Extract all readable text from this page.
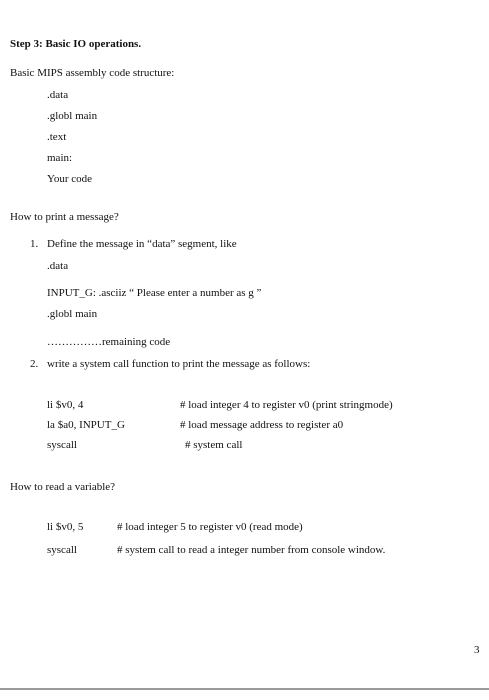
Step 3: Basic IO operations.
Basic MIPS assembly code structure:
.data
.globl main
.text
main:
Your code
How to print a message?
1. Define the message in “data” segment, like
.data
INPUT_G: .asciiz “ Please enter a number as g ”
.globl main
……………remaining code
2. write a system call function to print the message as follows:
li $v0, 4	# load integer 4 to register v0 (print stringmode)
la $a0, INPUT_G	# load message address to register a0
syscall	# system call
How to read a variable?
li $v0, 5	# load integer 5 to register v0 (read mode)
syscall	# system call to read a integer number from console window.
3
